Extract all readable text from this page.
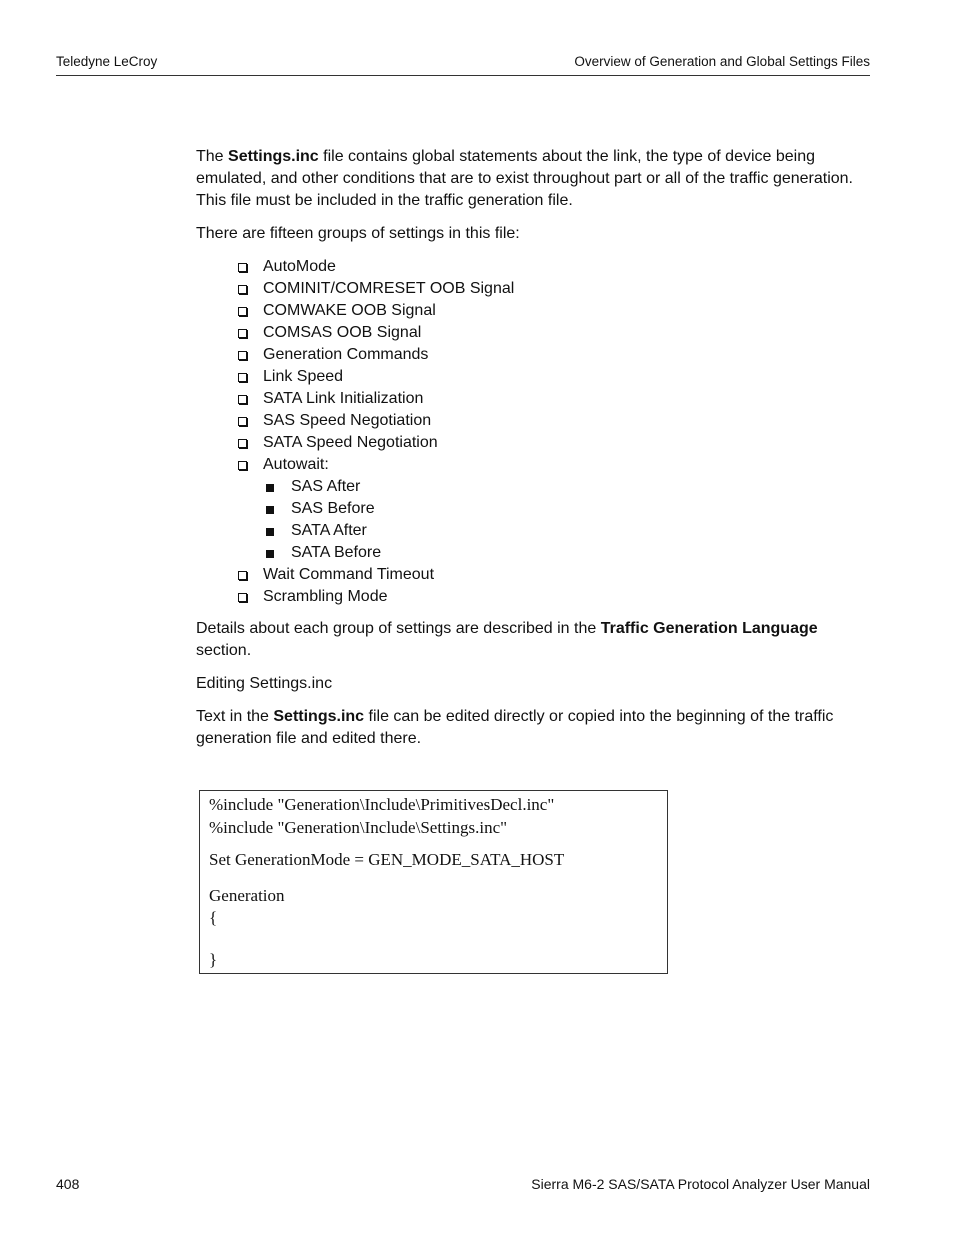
Teledyne LeCroy	Overview of Generation and Global Settings Files

The Settings.inc file contains global statements about the link, the type of device being emulated, and other conditions that are to exist throughout part or all of the traffic generation. This file must be included in the traffic generation file.

There are fifteen groups of settings in this file:

AutoMode
COMINIT/COMRESET OOB Signal
COMWAKE OOB Signal
COMSAS OOB Signal
Generation Commands
Link Speed
SATA Link Initialization
SAS Speed Negotiation
SATA Speed Negotiation
Autowait:
SAS After
SAS Before
SATA After
SATA Before
Wait Command Timeout
Scrambling Mode

Details about each group of settings are described in the Traffic Generation Language section.

Editing Settings.inc

Text in the Settings.inc file can be edited directly or copied into the beginning of the traffic generation file and edited there.

%include "Generation\Include\PrimitivesDecl.inc"
%include "Generation\Include\Settings.inc"
Set GenerationMode = GEN_MODE_SATA_HOST
Generation
{
}
408	Sierra M6-2 SAS/SATA Protocol Analyzer User Manual
